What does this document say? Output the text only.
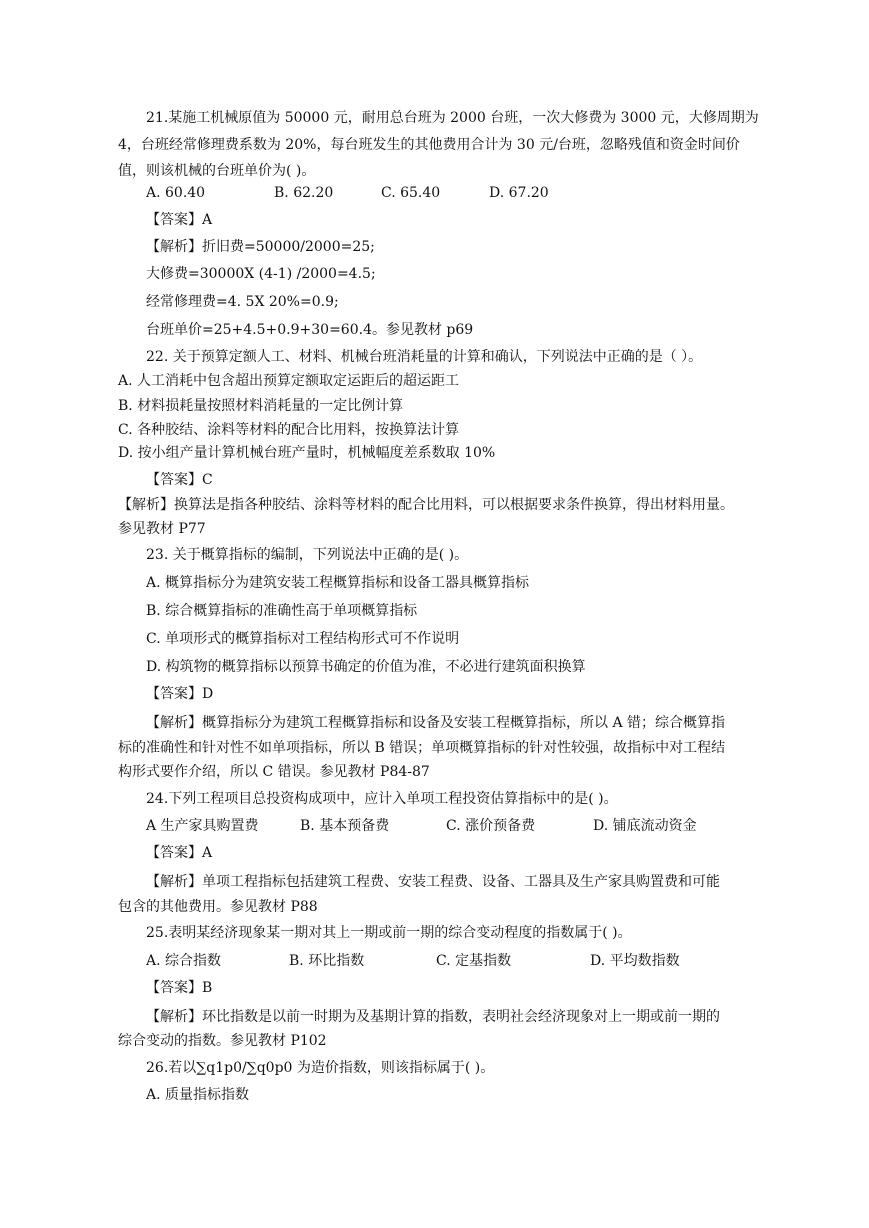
21.某施工机械原值为 50000 元，耐用总台班为 2000 台班，一次大修费为 3000 元，大修周期为
4，台班经常修理费系数为 20%，每台班发生的其他费用合计为 30 元/台班，忽略残值和资金时间价
值，则该机械的台班单价为( )。
A. 60.40	B. 62.20	C. 65.40	D. 67.20
【答案】A
【解析】折旧费=50000/2000=25;
大修费=30000X (4-1) /2000=4.5;
经常修理费=4. 5X 20%=0.9;
台班单价=25+4.5+0.9+30=60.4。参见教材 p69
22. 关于预算定额人工、材料、机械台班消耗量的计算和确认，下列说法中正确的是（ ）。
A. 人工消耗中包含超出预算定额取定运距后的超运距工
B. 材料损耗量按照材料消耗量的一定比例计算
C. 各种胶结、涂料等材料的配合比用料，按换算法计算
D. 按小组产量计算机械台班产量时，机械幅度差系数取 10%
【答案】C
【解析】换算法是指各种胶结、涂料等材料的配合比用料，可以根据要求条件换算，得出材料用量。
参见教材 P77
23. 关于概算指标的编制，下列说法中正确的是( )。
A. 概算指标分为建筑安装工程概算指标和设备工器具概算指标
B. 综合概算指标的准确性高于单项概算指标
C. 单项形式的概算指标对工程结构形式可不作说明
D. 构筑物的概算指标以预算书确定的价值为准，不必进行建筑面积换算
【答案】D
【解析】概算指标分为建筑工程概算指标和设备及安装工程概算指标，所以 A 错；综合概算指
标的准确性和针对性不如单项指标，所以 B 错误；单项概算指标的针对性较强，故指标中对工程结
构形式要作介绍，所以 C 错误。参见教材 P84-87
24.下列工程项目总投资构成项中，应计入单项工程投资估算指标中的是( )。
A 生产家具购置费	B. 基本预备费	C. 涨价预备费	D. 铺底流动资金
【答案】A
【解析】单项工程指标包括建筑工程费、安装工程费、设备、工器具及生产家具购置费和可能
包含的其他费用。参见教材 P88
25.表明某经济现象某一期对其上一期或前一期的综合变动程度的指数属于( )。
A. 综合指数	B. 环比指数	C. 定基指数	D. 平均数指数
【答案】B
【解析】环比指数是以前一时期为及基期计算的指数，表明社会经济现象对上一期或前一期的
综合变动的指数。参见教材 P102
26.若以∑q1p0/∑q0p0 为造价指数，则该指标属于( )。
A. 质量指标指数
